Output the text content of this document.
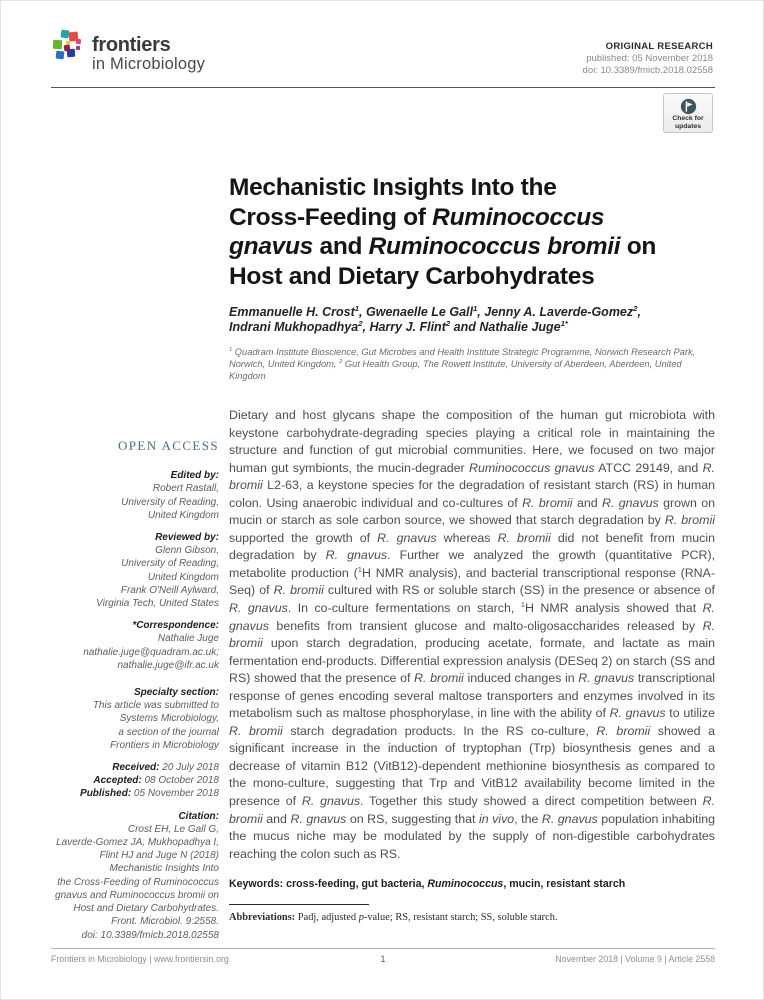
frontiers
in Microbiology
ORIGINAL RESEARCH
published: 05 November 2018
doi: 10.3389/fmicb.2018.02558
Check for
updates
OPEN ACCESS
Edited by:
Robert Rastall,
University of Reading,
United Kingdom
Reviewed by:
Glenn Gibson,
University of Reading,
United Kingdom
Frank O'Neill Aylward,
Virginia Tech, United States
*Correspondence:
Nathalie Juge
nathalie.juge@quadram.ac.uk;
nathalie.juge@ifr.ac.uk
Specialty section:
This article was submitted to
Systems Microbiology,
a section of the journal
Frontiers in Microbiology
Received: 20 July 2018
Accepted: 08 October 2018
Published: 05 November 2018
Citation:
Crost EH, Le Gall G,
Laverde-Gomez JA, Mukhopadhya I,
Flint HJ and Juge N (2018)
Mechanistic Insights Into
the Cross-Feeding of Ruminococcus
gnavus and Ruminococcus bromii on
Host and Dietary Carbohydrates.
Front. Microbiol. 9:2558.
doi: 10.3389/fmicb.2018.02558
Mechanistic Insights Into the
Cross-Feeding of Ruminococcus
gnavus and Ruminococcus bromii on
Host and Dietary Carbohydrates
Emmanuelle H. Crost$^1$, Gwenaelle Le Gall$^1$, Jenny A. Laverde-Gomez$^2$,
Indrani Mukhopadhya$^2$, Harry J. Flint$^2$ and Nathalie Juge$^{1*}$
$^1$ Quadram Institute Bioscience, Gut Microbes and Health Institute Strategic Programme, Norwich Research Park, Norwich, United Kingdom, $^2$ Gut Health Group, The Rowett Institute, University of Aberdeen, Aberdeen, United Kingdom
Dietary and host glycans shape the composition of the human gut microbiota with keystone carbohydrate-degrading species playing a critical role in maintaining the structure and function of gut microbial communities. Here, we focused on two major human gut symbionts, the mucin-degrader Ruminococcus gnavus ATCC 29149, and R. bromii L2-63, a keystone species for the degradation of resistant starch (RS) in human colon. Using anaerobic individual and co-cultures of R. bromii and R. gnavus grown on mucin or starch as sole carbon source, we showed that starch degradation by R. bromii supported the growth of R. gnavus whereas R. bromii did not benefit from mucin degradation by R. gnavus. Further we analyzed the growth (quantitative PCR), metabolite production ($^1$H NMR analysis), and bacterial transcriptional response (RNA-Seq) of R. bromii cultured with RS or soluble starch (SS) in the presence or absence of R. gnavus. In co-culture fermentations on starch, $^1$H NMR analysis showed that R. gnavus benefits from transient glucose and malto-oligosaccharides released by R. bromii upon starch degradation, producing acetate, formate, and lactate as main fermentation end-products. Differential expression analysis (DESeq 2) on starch (SS and RS) showed that the presence of R. bromii induced changes in R. gnavus transcriptional response of genes encoding several maltose transporters and enzymes involved in its metabolism such as maltose phosphorylase, in line with the ability of R. gnavus to utilize R. bromii starch degradation products. In the RS co-culture, R. bromii showed a significant increase in the induction of tryptophan (Trp) biosynthesis genes and a decrease of vitamin B12 (VitB12)-dependent methionine biosynthesis as compared to the mono-culture, suggesting that Trp and VitB12 availability become limited in the presence of R. gnavus. Together this study showed a direct competition between R. bromii and R. gnavus on RS, suggesting that in vivo, the R. gnavus population inhabiting the mucus niche may be modulated by the supply of non-digestible carbohydrates reaching the colon such as RS.
Keywords: cross-feeding, gut bacteria, Ruminococcus, mucin, resistant starch
Abbreviations: Padj, adjusted p-value; RS, resistant starch; SS, soluble starch.
Frontiers in Microbiology | www.frontiersin.org	1	November 2018 | Volume 9 | Article 2558
